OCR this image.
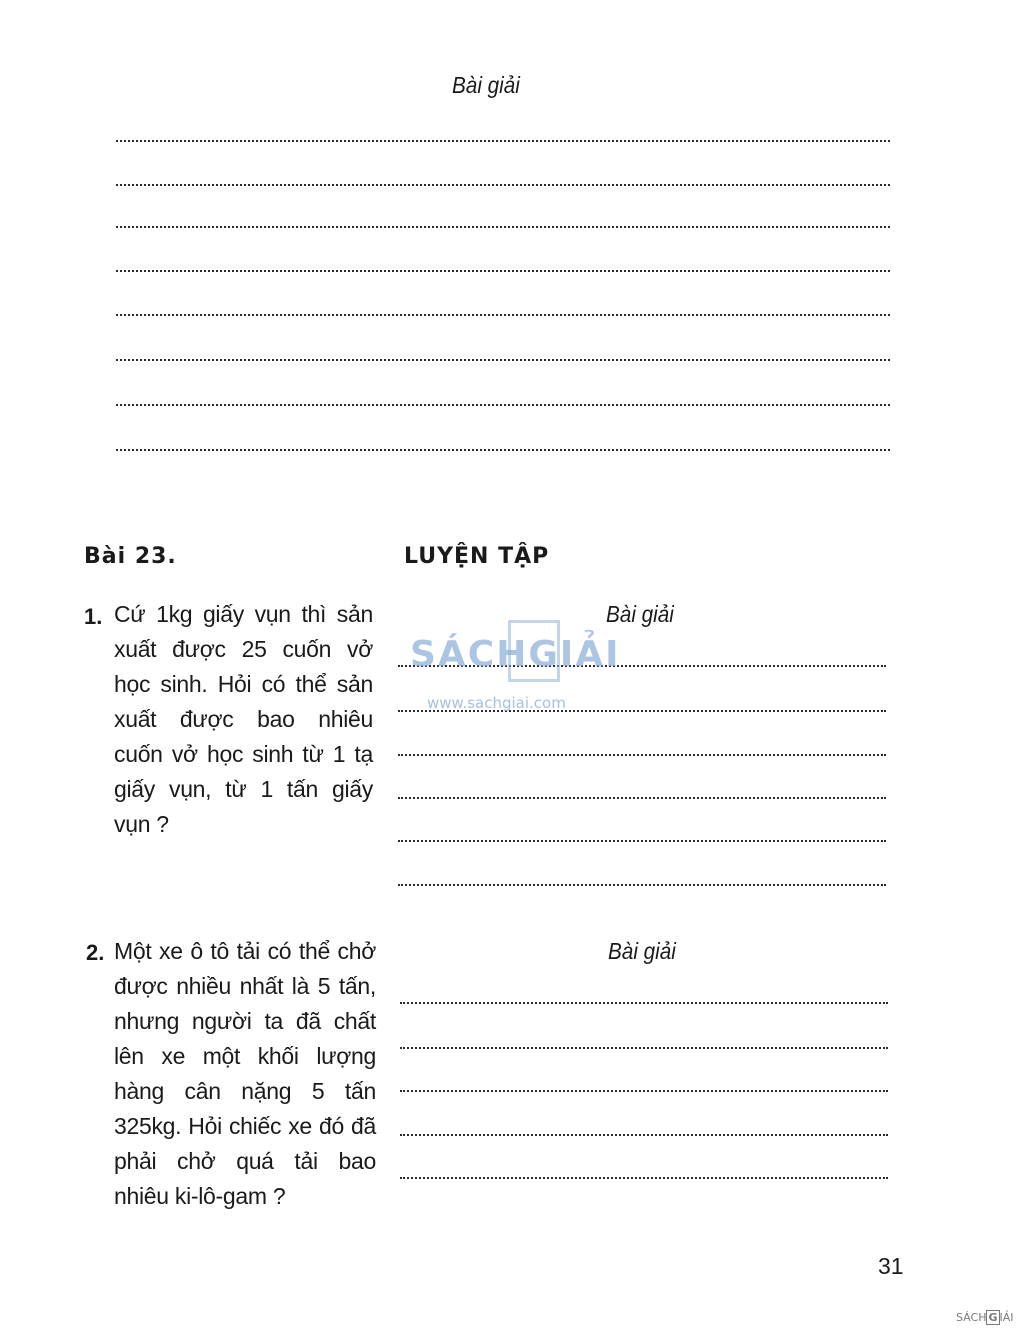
Bài giải
Bài 23.	LUYỆN TẬP
1. Cứ 1kg giấy vụn thì sản xuất được 25 cuốn vở học sinh. Hỏi có thể sản xuất được bao nhiêu cuốn vở học sinh từ 1 tạ giấy vụn, từ 1 tấn giấy vụn ?
Bài giải
SÁCHGIẢI
www.sachgiai.com
2. Một xe ô tô tải có thể chở được nhiều nhất là 5 tấn, nhưng người ta đã chất lên xe một khối lượng hàng cân nặng 5 tấn 325kg. Hỏi chiếc xe đó đã phải chở quá tải bao nhiêu ki-lô-gam ?
Bài giải
31
SÁCH G IẢI
